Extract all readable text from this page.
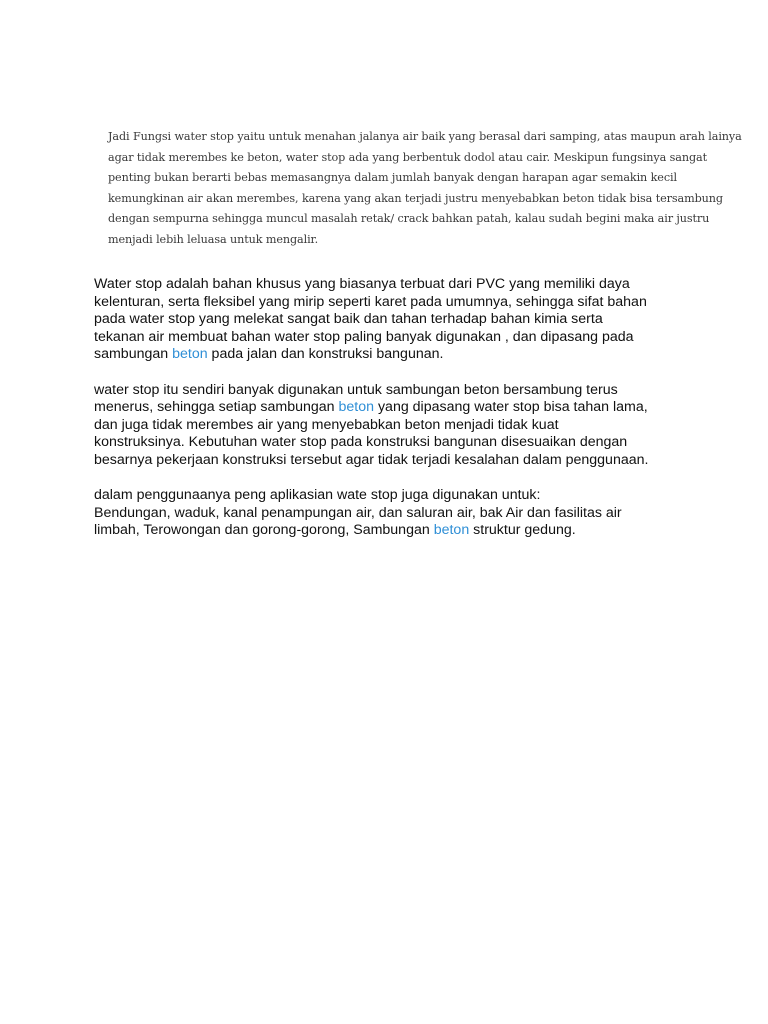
Jadi Fungsi water stop yaitu untuk menahan jalanya air baik yang berasal dari samping, atas maupun arah lainya
agar tidak merembes ke beton, water stop ada yang berbentuk dodol atau cair. Meskipun fungsinya sangat
penting bukan berarti bebas memasangnya dalam jumlah banyak dengan harapan agar semakin kecil
kemungkinan air akan merembes, karena yang akan terjadi justru menyebabkan beton tidak bisa tersambung
dengan sempurna sehingga muncul masalah retak/ crack bahkan patah, kalau sudah begini maka air justru
menjadi lebih leluasa untuk mengalir.

Water stop adalah bahan khusus yang biasanya terbuat dari PVC yang memiliki daya
kelenturan, serta fleksibel yang mirip seperti karet pada umumnya, sehingga sifat bahan
pada water stop yang melekat sangat baik dan tahan terhadap bahan kimia serta
tekanan air membuat bahan water stop paling banyak digunakan , dan dipasang pada
sambungan beton pada jalan dan konstruksi bangunan.

water stop itu sendiri banyak digunakan untuk sambungan beton bersambung terus
menerus, sehingga setiap sambungan beton yang dipasang water stop bisa tahan lama,
dan juga tidak merembes air yang menyebabkan beton menjadi tidak kuat
konstruksinya. Kebutuhan water stop pada konstruksi bangunan disesuaikan dengan
besarnya pekerjaan konstruksi tersebut agar tidak terjadi kesalahan dalam penggunaan.

dalam penggunaanya peng aplikasian wate stop juga digunakan untuk:
Bendungan, waduk, kanal penampungan air, dan saluran air, bak Air dan fasilitas air
limbah, Terowongan dan gorong-gorong, Sambungan beton struktur gedung.
